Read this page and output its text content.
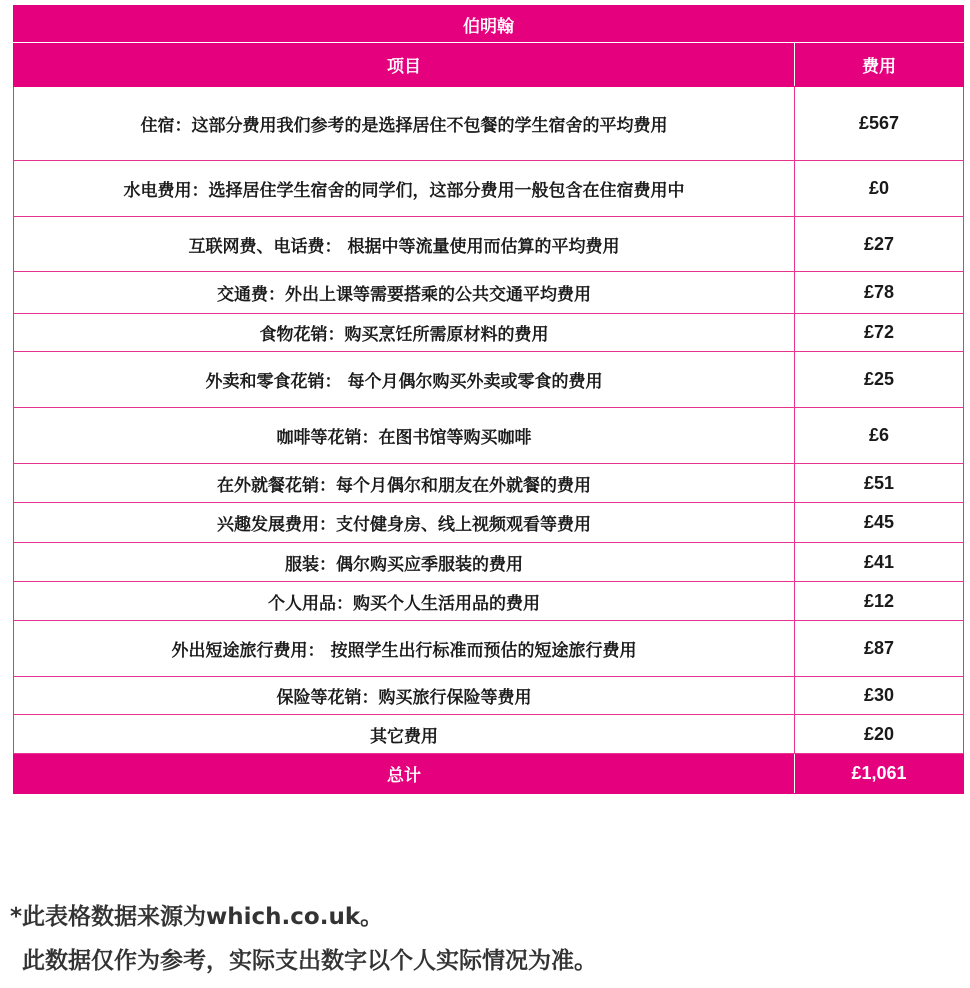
伯明翰	
项目	费用
住宿：这部分费用我们参考的是选择居住不包餐的学生宿舍的平均费用	£567
水电费用：选择居住学生宿舍的同学们，这部分费用一般包含在住宿费用中	£0
互联网费、电话费： 根据中等流量使用而估算的平均费用	£27
交通费：外出上课等需要搭乘的公共交通平均费用	£78
食物花销：购买烹饪所需原材料的费用	£72
外卖和零食花销： 每个月偶尔购买外卖或零食的费用	£25
咖啡等花销：在图书馆等购买咖啡	£6
在外就餐花销：每个月偶尔和朋友在外就餐的费用	£51
兴趣发展费用：支付健身房、线上视频观看等费用	£45
服装：偶尔购买应季服装的费用	£41
个人用品：购买个人生活用品的费用	£12
外出短途旅行费用： 按照学生出行标准而预估的短途旅行费用	£87
保险等花销：购买旅行保险等费用	£30
其它费用	£20
总计	£1,061
*此表格数据来源为which.co.uk。
此数据仅作为参考，实际支出数字以个人实际情况为准。
